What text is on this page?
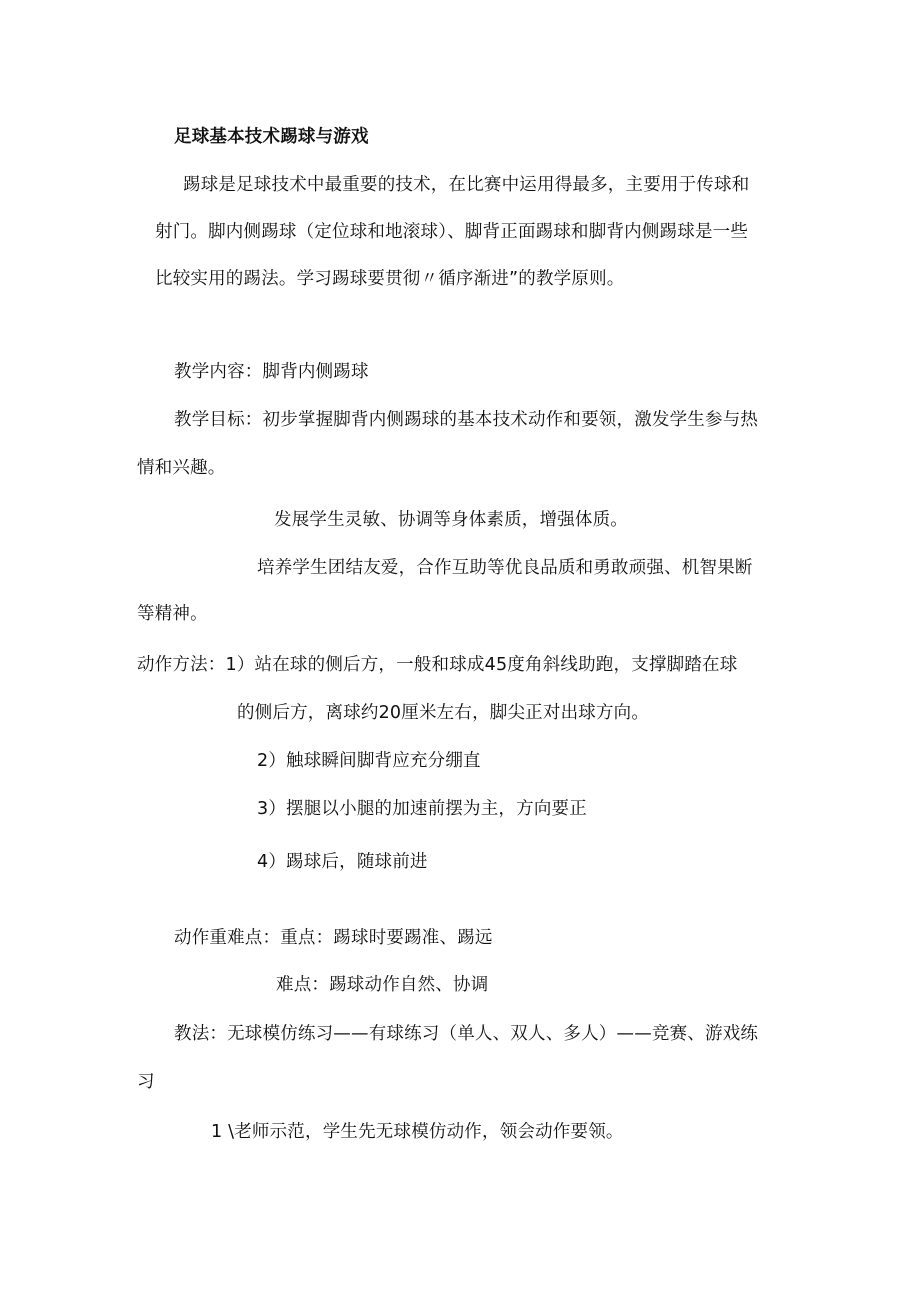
足球基本技术踢球与游戏
踢球是足球技术中最重要的技术，在比赛中运用得最多，主要用于传球和
射门。脚内侧踢球（定位球和地滚球）、脚背正面踢球和脚背内侧踢球是一些
比较实用的踢法。学习踢球要贯彻〃循序渐进”的教学原则。
教学内容：脚背内侧踢球
教学目标：初步掌握脚背内侧踢球的基本技术动作和要领，激发学生参与热
情和兴趣。
发展学生灵敏、协调等身体素质，增强体质。
培养学生团结友爱，合作互助等优良品质和勇敢顽强、机智果断
等精神。
动作方法：1）站在球的侧后方，一般和球成45度角斜线助跑，支撑脚踏在球
的侧后方，离球约20厘米左右，脚尖正对出球方向。
2）触球瞬间脚背应充分绷直
3）摆腿以小腿的加速前摆为主，方向要正
4）踢球后，随球前进
动作重难点：重点：踢球时要踢准、踢远
难点：踢球动作自然、协调
教法：无球模仿练习——有球练习（单人、双人、多人）——竞赛、游戏练
习
1 \老师示范，学生先无球模仿动作，领会动作要领。
